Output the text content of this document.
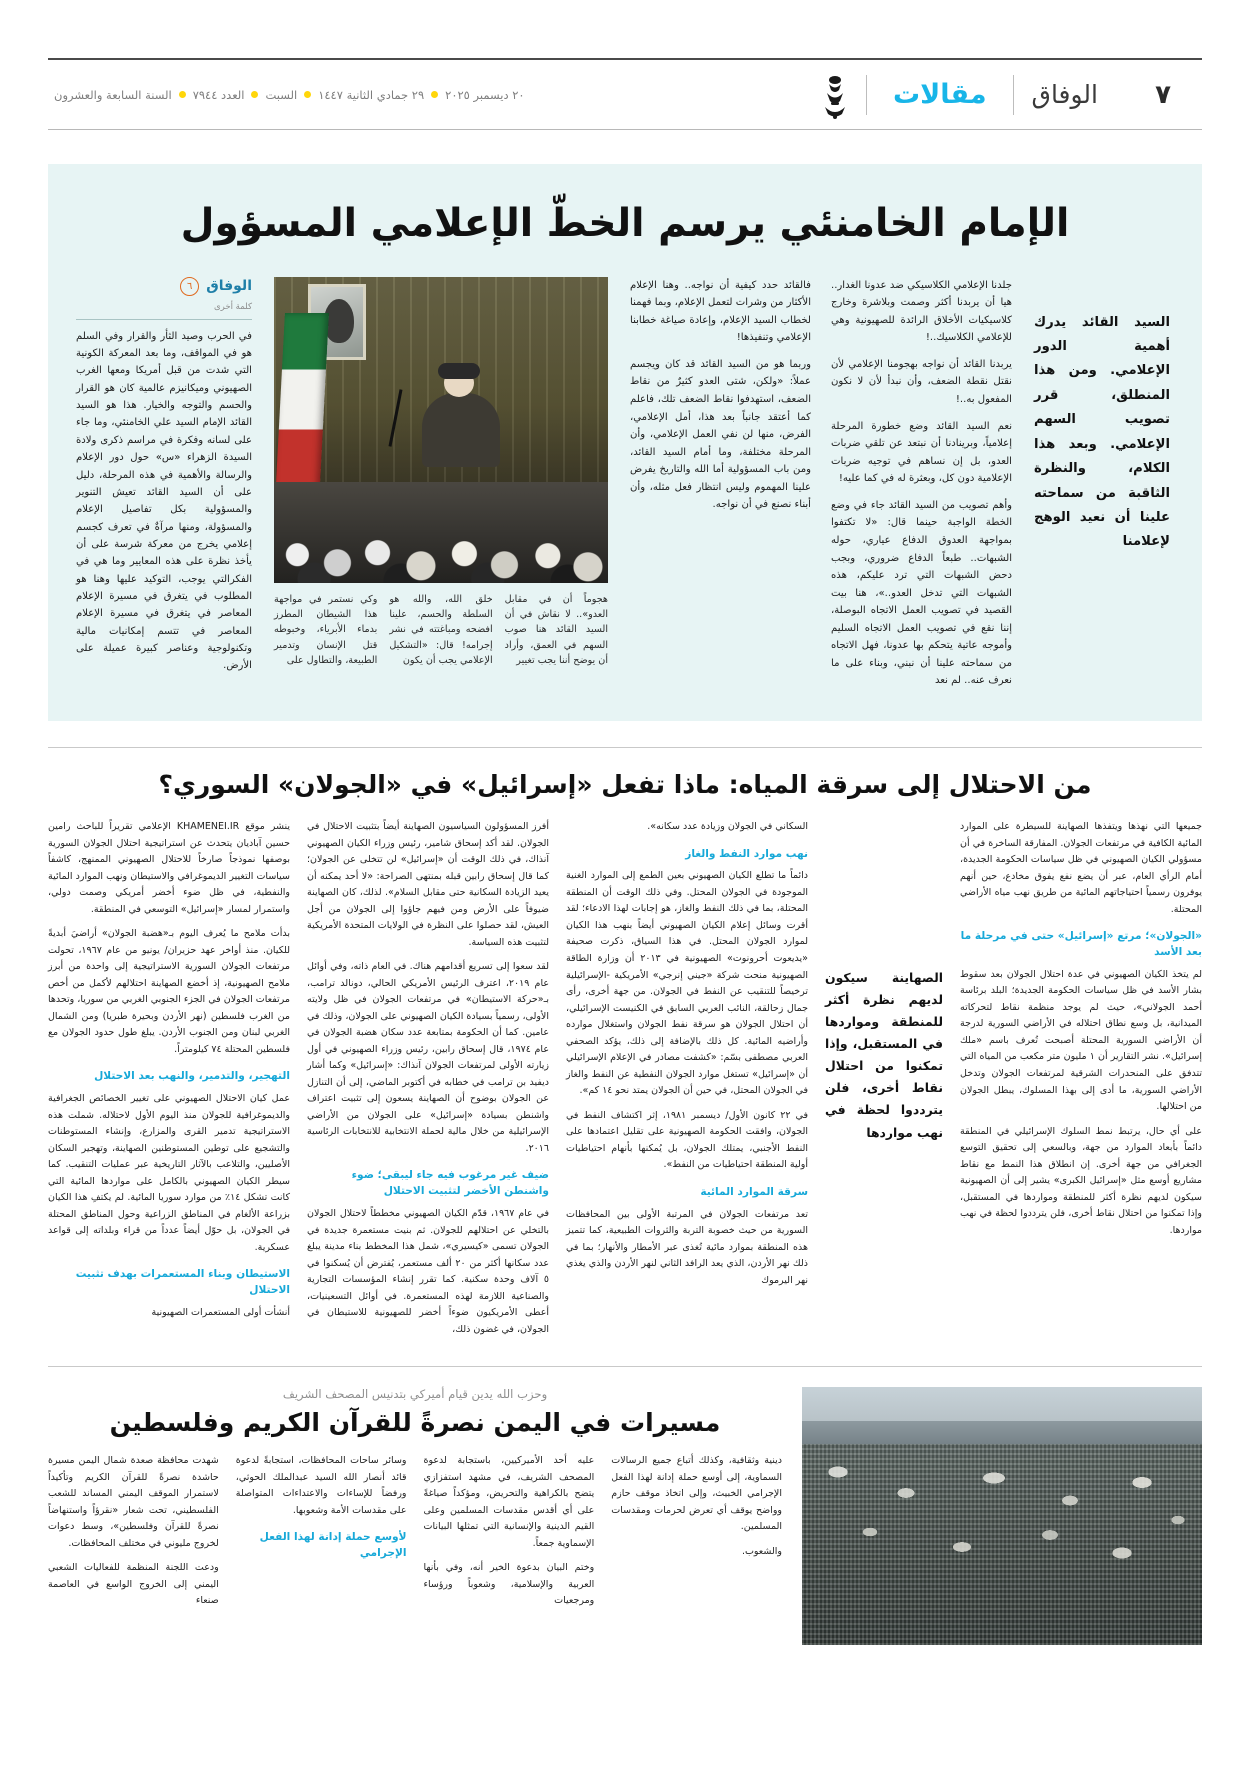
٧
الوفاق
مقالات
٢٠ ديسمبر ٢٠٢٥
٢٩ جمادي الثانية ١٤٤٧
السبت
العدد ٧٩٤٤
السنة السابعة والعشرون
الإمام الخامنئي يرسم الخطّ الإعلامي المسؤول
السيد القائد يدرك أهمية الدور الإعلامي. ومن هذا المنطلق، قرر تصويب السهم الإعلامي. وبعد هذا الكلام، والنظرة الثاقبة من سماحته علينا أن نعيد الوهج لإعلامنا

جلدنا الإعلامي الكلاسيكي ضد عدونا الغدار.. هيا أن يربدنا أكثر وصمت وبلاشرة وخارج كلاسيكيات الأخلاق الرائدة للصهيونية وهي للإعلامي الكلاسيك..!

يربدنا القائد أن نواجه بهجومنا الإعلامي لأن نقتل نقطة الضعف، وأن نبدأ لأن لا نكون المفعول به..!

نعم السيد القائد وضع خطورة المرحلة إعلامياً، وبرينادنا أن نبتعد عن تلقي ضربات العدو، بل إن نساهم في توجيه ضربات الإعلامية دون كل، وبعثرة له في كما عليه!

وأهم تصويب من السيد القائد جاء في وضع الخطة الواجبة حينما قال: «لا تكتفوا بمواجهة العدوق الدفاع عياري، حوله الشبهات.. طبعاً الدفاع ضروري، وبجب دحض الشبهات التي ترد عليكم، هذه الشبهات التي تدخل العدو..»، هنا بيت القصيد في تصويب العمل الاتجاه البوصلة، إننا نقع في تصويب العمل الاتجاه السليم وأموجه عاتية يتحكم بها عدونا، فهل الاتجاه من سماحته علينا أن نبني، وبناء على ما نعرف عنه.. لم نعد

فالقائد حدد كيفية أن نواجه.. وهنا الإعلام الأكثار من وشرات لتعمل الإعلام، وبما فهمنا لخطاب السيد الإعلام، وإعادة صياغة خطابنا الإعلامي وتنفيذها!

وربما هو من السيد القائد قد كان ويجسم عملاً: «ولكن، شتى العدو كثيرٌ من نقاط الضعف، استهدفوا نقاط الضعف تلك، فاعلم كما أعتقد جانباً بعد هذا، أمل الإعلامي، الفرض، منها لن نفي العمل الإعلامي، وأن المرحلة مختلفة، وما أمام السيد القائد، ومن باب المسؤولية أما الله والتاريخ يفرض علينا المهموم وليس انتظار فعل مثله، وأن أبناء نصنع في أن نواجه.

هجوماً أن في مقابل العدو».. لا نقاش في أن السيد القائد هنا صوب السهم في العمق، وأراد أن يوضح أننا يجب تغيير
خلق الله، والله هو السلطة والحسم، علينا افضحه ومباغتته في نشر إجرامه! قال: «التشكيل الإعلامي يجب أن يكون
وكي نستمر في مواجهة هذا الشيطان المطرز بدماء الأبرياء، وخبوطه قتل الإنسان وتدمير الطبيعة، والتطاول على
الوفاق
٦
كلمة أخرى
في الحرب وصيد الثأر والقرار وفي السلم هو في المواقف، وما بعد المعركة الكونية التي شدت من قبل أمريكا ومعها الغرب الصهيوني وميكانيزم عالمية كان هو القرار والحسم والتوجه والخيار. هذا هو السيد القائد الإمام السيد علي الخامنئي، وما جاء على لسانه وفكرة في مراسم ذكرى ولادة السيدة الزهراء «س» حول دور الإعلام والرسالة والأهمية في هذه المرحلة، دليل على أن السيد القائد تعيش التنوير والمسؤولية بكل تفاصيل الإعلام والمسؤولة، ومنها مرآةٌ في تعرف كجسم إعلامي يخرج من معركة شرسة على أن يأخذ نظرة على هذه المعايير وما هي في الفكرالتي يوجب، التوكيد عليها وهنا هو المطلوب في يتغرق في مسيرة الإعلام المعاصر في يتغرق في مسيرة الإعلام المعاصر في تتسم إمكانيات مالية وتكنولوجية وعناصر كبيرة عميلة على الأرض.
من الاحتلال إلى سرقة المياه: ماذا تفعل «إسرائيل» في «الجولان» السوري؟

جميعها التي نهذها ويتفذها الصهاينة للسيطرة على الموارد المائية الكافية في مرتفعات الجولان. المفارقة الساخرة في أن مسؤولي الكيان الصهيوني في ظل سياسات الحكومة الجديدة، أمام الرأي العام، عبر أن يضع نفع يفوق مخادع، حين أنهم يوفرون رسمياً احتياجاتهم المائية من طريق نهب مياه الأراضي المحتلة.

«الجولان»؛ مرتع «إسرائيل» حتى في مرحلة ما بعد الأسد

لم يتخذ الكيان الصهيوني في عدة احتلال الجولان بعد سقوط بشار الأسد في ظل سياسات الحكومة الجديدة؛ البلد برئاسة أحمد الجولاني»، حيث لم يوجد منظمة نقاط لتحركاته الميدانية، بل وسع نطاق احتلاله في الأراضي السورية لدرجة أن الأراضي السورية المحتلة أصبحت تُعرف باسم «ملك إسرائيل». نشر التقارير أن ١ مليون متر مكعب من المياه التي تتدفق على المنحدرات الشرقية لمرتفعات الجولان وتدخل الأراضي السورية، ما أدى إلى بهذا المسلوك، يبطل الجولان من احتلالها.

على أي حال، يرتبط نمط السلوك الإسرائيلي في المنطقة دائماً بأبعاد الموارد من جهة، وبالسعي إلى تحقيق التوسع الجغرافي من جهة أخرى. إن انطلاق هذا النمط مع نقاط مشاريع أوسع مثل «إسرائيل الكبرى» يشير إلى أن الصهيونية سيكون لديهم نظرة أكثر للمنطقة ومواردها في المستقبل، وإذا تمكنوا من احتلال نقاط أخرى، فلن يترددوا لحظة في نهب مواردها.

الصهاينة سيكون لديهم نظرة أكثر للمنطقة ومواردها في المستقبل، وإذا تمكنوا من احتلال نقاط أخرى، فلن يترددوا لحظة في نهب مواردها

السكاني في الجولان وزيادة عدد سكانه».

نهب موارد النفط والغاز

دائماً ما تطلع الكيان الصهيوني بعين الطمع إلى الموارد الغنية الموجودة في الجولان المحتل. وفي ذلك الوقت أن المنطقة المحتلة، بما في ذلك النفط والغاز، هو إجابات لهذا الادعاء؛ لقد أقرت وسائل إعلام الكيان الصهيوني أيضاً بنهب هذا الكيان لموارد الجولان المحتل. في هذا السياق، ذكرت صحيفة «يديعوت أحرونوت» الصهيونية في ٢٠١٣ أن وزارة الطاقة الصهيونية منحت شركة «جيني إنرجي» الأمريكية -الإسرائيلية ترخيصاً للتنقيب عن النفط في الجولان. من جهة أخرى، رأى جمال زحالقة، النائب العربي السابق في الكنيست الإسرائيلي، أن احتلال الجولان هو سرقة نفط الجولان واستغلال موارده وأراضيه المائية. كل ذلك بالإضافة إلى ذلك، يؤكد الصحفي العربي مصطفى بسّم: «كشفت مصادر في الإعلام الإسرائيلي أن «إسرائيل» تستغل موارد الجولان النفطية عن النفط والغاز في الجولان المحتل، في حين أن الجولان يمتد نحو ١٤ كم».

في ٢٢ كانون الأول/ ديسمبر ١٩٨١، إثر اكتشاف النفط في الجولان، وافقت الحكومة الصهيونية على تقليل اعتمادها على النفط الأجنبي، يمتلك الجولان، بل يُمكنها بأنهام احتياطيات أولية المنطقة احتياطيات من النفط».

سرقة الموارد المائية

تعد مرتفعات الجولان في المرتبة الأولى بين المحافظات السورية من حيث خصوبة التربة والثروات الطبيعية، كما تتميز هذه المنطقة بموارد مائية تُغذى عبر الأمطار والأنهار؛ بما في ذلك نهر الأردن، الذي يعد الرافد الثاني لنهر الأردن والذي يغذي نهر اليرموك

أفرز المسؤولون السياسيون الصهاينة أيضاً بتثبيت الاحتلال في الجولان. لقد أكد إسحاق شامير، رئيس وزراء الكيان الصهيوني آنذاك، في ذلك الوقت أن «إسرائيل» لن تتخلى عن الجولان؛ كما قال إسحاق رابين قبله بمنتهى الصراحة: «لا أحد يمكنه أن يعيد الزيادة السكانية حتى مقابل السلام». لذلك، كان الصهاينة ضيوفاً على الأرض ومن فيهم جاؤوا إلى الجولان من أجل العيش، لقد حصلوا على النظرة في الولايات المتحدة الأمريكية لتثبيت هذه السياسة.

لقد سعوا إلى تسريع أقدامهم هناك. في العام ذاته، وفي أوائل عام ٢٠١٩، اعترف الرئيس الأمريكي الحالي، دونالد ترامب، بـ«حركة الاستيطان» في مرتفعات الجولان في ظل ولايته الأولى، رسمياً بسيادة الكيان الصهيوني على الجولان، وذلك في عامين. كما أن الحكومة بمتابعة عدد سكان هضبة الجولان في عام ١٩٧٤، قال إسحاق رابين، رئيس وزراء الصهيوني في أول زيارته الأولى لمرتفعات الجولان آنذاك: «إسرائيل» وكما أشار ديفيد بن ترامب في خطابه في أكتوبر الماضي، إلى أن التنازل عن الجولان بوضوح أن الصهاينة يسعون إلى تثبيت اعتراف واشنطن بسيادة «إسرائيل» على الجولان من الأراضي الإسرائيلية من خلال مالية لحملة الانتخابية للانتخابات الرئاسية ٢٠١٦.

ضيف غير مرغوب فيه جاء ليبقى؛ ضوء واشنطن الأخضر لتثبيت الاحتلال

في عام ١٩٦٧، قدّم الكيان الصهيوني مخططاً لاحتلال الجولان بالتخلي عن احتلالهم للجولان. ثم بنيت مستعمرة جديدة في الجولان تسمى «كيسيري»، شمل هذا المخطط بناء مدينة يبلغ عدد سكانها أكثر من ٢٠ ألف مستعمر، يُفترض أن يُسكنوا في ٥ آلاف وحدة سكنية. كما تقرر إنشاء المؤسسات التجارية والصناعية اللازمة لهذه المستعمرة. في أوائل التسعينيات، أعطى الأمريكيون ضوءاً أخضر للصهيونية للاستيطان في الجولان، في غضون ذلك،

ينشر موقع KHAMENEI.IR الإعلامي تقريراً للباحث رامين حسين آباديان يتحدث عن استراتيجية احتلال الجولان السورية بوصفها نموذجاً صارخاً للاحتلال الصهيوني الممنهج، كاشفاً سياسات التغيير الديموغرافي والاستيطان ونهب الموارد المائية والنفطية، في ظل ضوء أخضر أمريكي وصمت دولي، واستمرار لمسار «إسرائيل» التوسعي في المنطقة.

بدأت ملامح ما يُعرف اليوم بـ«هضبة الجولان» أراضيَ أبديةً للكيان. منذ أواخر عهد حزيران/ يونيو من عام ١٩٦٧، تحولت مرتفعات الجولان السورية الاستراتيجية إلى واحدة من أبرز ملامح الصهيونية، إذ أخضع الصهاينة احتلالهم لأكمل من أخص مرتفعات الجولان في الجزء الجنوبي الغربي من سوريا، وتحدها من الغرب فلسطين (نهر الأردن وبحيرة طبريا) ومن الشمال الغربي لبنان ومن الجنوب الأردن. يبلغ طول حدود الجولان مع فلسطين المحتلة ٧٤ كيلومتراً.

التهجير، والتدمير، والنهب بعد الاحتلال

عمل كيان الاحتلال الصهيوني على تغيير الخصائص الجغرافية والديموغرافية للجولان منذ اليوم الأول لاحتلاله. شملت هذه الاستراتيجية تدمير القرى والمزارع، وإنشاء المستوطنات والتشجيع على توطين المستوطنين الصهاينة، وتهجير السكان الأصليين، والتلاعب بالآثار التاريخية عبر عمليات التنقيب. كما سيطر الكيان الصهيوني بالكامل على مواردها المائية التي كانت تشكل ١٤٪ من موارد سوريا المائية. لم يكتفِ هذا الكيان بزراعة الألغام في المناطق الزراعية وحول المناطق المحتلة في الجولان، بل حوّل أيضاً عدداً من قراء وبلداته إلى قواعد عسكرية.

الاستيطان وبناء المستعمرات بهدف تثبيت الاحتلال

أنشأت أولى المستعمرات الصهيونية

وحزب الله يدين قيام أميركي بتدنيس المصحف الشريف
مسيرات في اليمن نصرةً للقرآن الكريم وفلسطين

دينية وثقافية، وكذلك أتباع جميع الرسالات السماوية، إلى أوسع حملة إدانة لهذا الفعل الإجرامي الخبيث، وإلى اتخاذ موقف حازم وواضح يوقف أي تعرض لحرمات ومقدسات المسلمين.

والشعوب.

عليه أحد الأميركيين، باستجابة لدعوة المصحف الشريف، في مشهد استفزازي يتضح بالكراهية والتحريض، ومؤكداً صياغةً على أي أقدس مقدسات المسلمين وعلى القيم الدينية والإنسانية التي تمثلها البيانات الإسماوية جمعاً.

وختم البيان بدعوة الخير أنه، وفي بأنها العربية والإسلامية، وشعوباً ورؤساء ومرجعيات

وسائر ساحات المحافظات، استجابةً لدعوة قائد أنصار الله السيد عبدالملك الحوثي، ورفضاً للإساءات والاعتداءات المتواصلة على مقدسات الأمة وشعوبها.

لأوسع حملة إدانة لهذا الفعل الإجرامي

شهدت محافظة صعدة شمال اليمن مسيرة حاشدة نصرةً للقرآن الكريم وتأكيداً لاستمرار الموقف اليمني المساند للشعب الفلسطيني، تحت شعار «نقرؤاً واستنهاضاً نصرةً للقرآن وفلسطين»، وسط دعوات لخروج مليوني في مختلف المحافظات.

ودعت اللجنة المنظمة للفعاليات الشعبي اليمني إلى الخروج الواسع في العاصمة صنعاء
